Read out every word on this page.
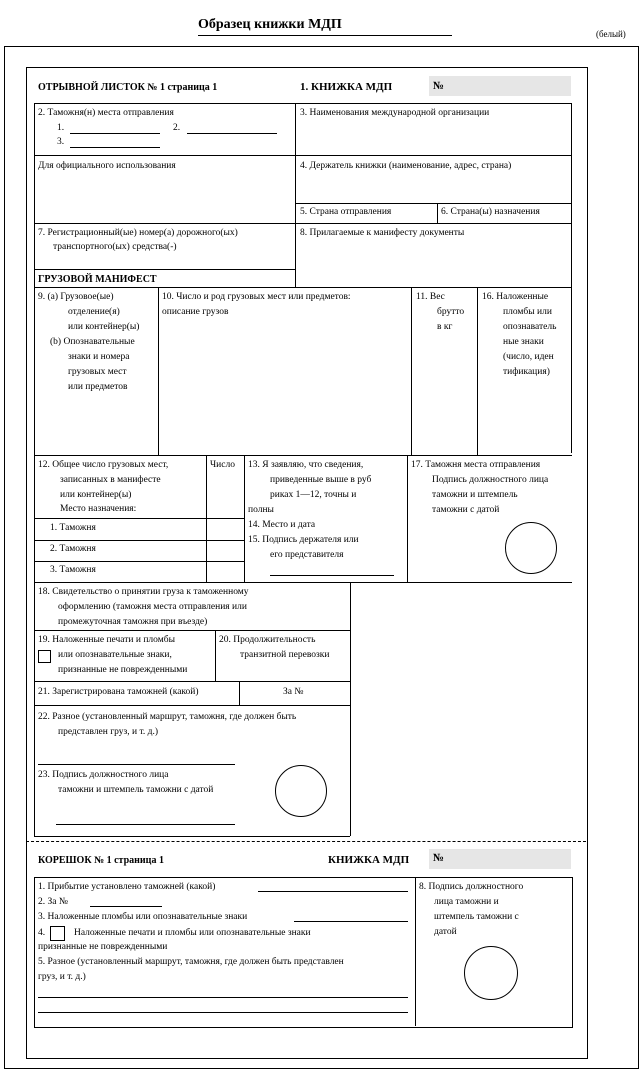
Образец книжки МДП
(белый)
ОТРЫВНОЙ ЛИСТОК № 1 страница 1	1. КНИЖКА МДП	№
2. Таможня(н) места отправления
1.	2.
3.
3. Наименования международной организации
Для официального использования	4. Держатель книжки (наименование, адрес, страна)
5. Страна отправления	6. Страна(ы) назначения
7. Регистрационный(ые) номер(а) дорожного(ых)
транспортного(ых) средства(-)
8. Прилагаемые к манифесту документы
ГРУЗОВОЙ МАНИФЕСТ
9. (a) Грузовое(ые)
отделение(я)
или контейнер(ы)
(b) Опознавательные
знаки и номера
грузовых мест
или предметов
10. Число и род грузовых мест или предметов:
описание грузов
11. Вес
брутто
в кг
16. Наложенные
пломбы или
опознаватель
ные знаки
(число, иден
тификация)
12. Общее число грузовых мест,
записанных в манифесте
или контейнер(ы)
Место назначения:
Число
1. Таможня
2. Таможня
3. Таможня
13. Я заявляю, что сведения,
приведенные выше в руб
риках 1—12, точны и
полны
14. Место и дата
15. Подпись держателя или
его представителя
17. Таможня места отправления
Подпись должностного лица
таможни и штемпель
таможни с датой
18. Свидетельство о принятии груза к таможенному
оформлению (таможня места отправления или
промежуточная таможня при въезде)
19. Наложенные печати и пломбы
или опознавательные знаки,
признанные не поврежденными
20. Продолжительность
транзитной перевозки
21. Зарегистрирована таможней (какой)	За №
22. Разное (установленный маршрут, таможня, где должен быть
представлен груз, и т. д.)
23. Подпись должностного лица
таможни и штемпель таможни с датой
КОРЕШОК № 1 страница 1	КНИЖКА МДП №
1. Прибытие установлено таможней (какой)
2. За №
3. Наложенные пломбы или опознавательные знаки
4.	Наложенные печати и пломбы или опознавательные знаки
признанные не поврежденными
5. Разное (установленный маршрут, таможня, где должен быть представлен
груз, и т. д.)
8. Подпись должностного
лица таможни и
штемпель таможни с
датой
